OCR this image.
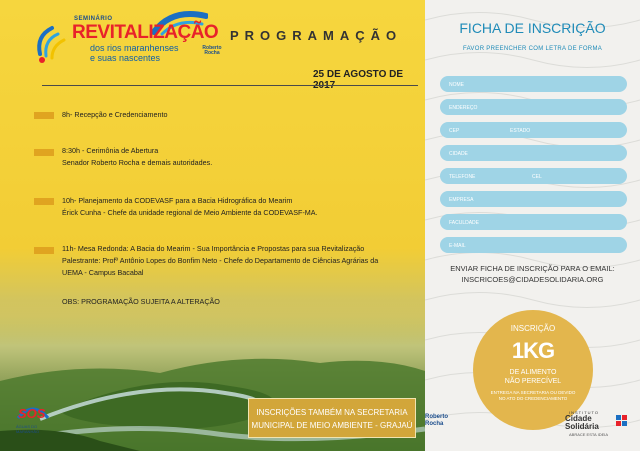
SEMINÁRIO
REVITALIZAÇÃO
dos rios maranhenses
e suas nascentes
Roberto Rocha
PROGRAMAÇÃO
25 DE AGOSTO DE
8h- Recepção e Credenciamento
8:30h - Cerimônia de Abertura
Senador Roberto Rocha e demais autoridades.
10h- Planejamento da CODEVASF para a Bacia Hidrográfica do Mearim
Érick Cunha - Chefe da unidade regional de Meio Ambiente da CODEVASF-MA.
11h- Mesa Redonda: A Bacia do Mearim - Sua Importância e Propostas para sua Revitalização
Palestrante: Profº Antônio Lopes do Bonfim Neto - Chefe do Departamento de Ciências Agrárias da
UEMA - Campus Bacabal
OBS: PROGRAMAÇÃO SUJEITA A ALTERAÇÃO
SOS
ÁGUAS DO MARANHÃO
INSCRIÇÕES TAMBÉM NA SECRETARIA
MUNICIPAL DE MEIO AMBIENTE - GRAJAÚ
FICHA DE INSCRIÇÃO
FAVOR PREENCHER COM LETRA DE FORMA
NOME
ENDEREÇO
CEP	ESTADO
CIDADE
TELEFONE	CEL
EMPRESA
FACULDADE
E-MAIL
ENVIAR FICHA DE INSCRIÇÃO PARA O EMAIL:
INSCRICOES@CIDADESOLIDARIA.ORG
INSCRIÇÃO
1KG
DE ALIMENTO
NÃO PERECÍVEL
ENTREGA NA SECRETARIA OU DEVIDO
NO ATO DO CREDENCIAMENTO
Roberto
Rocha
INSTITUTO
Cidade
Solidária
ABRACE ESTA IDEIA
